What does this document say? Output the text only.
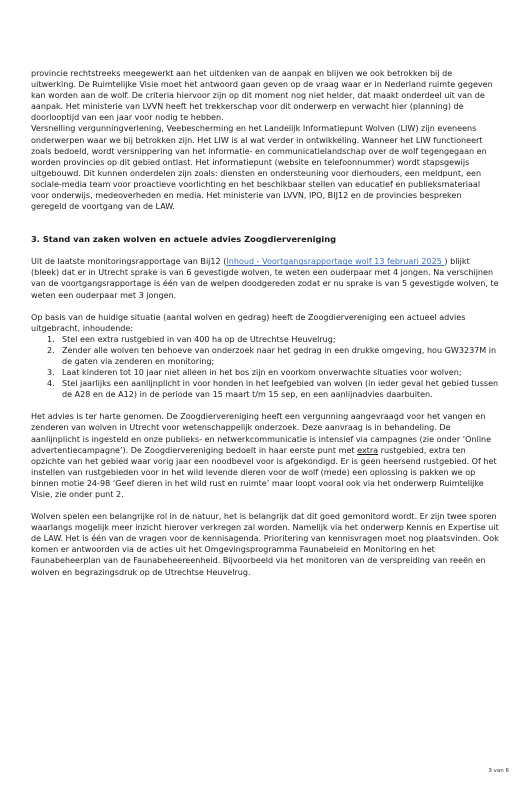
provincie rechtstreeks meegewerkt aan het uitdenken van de aanpak en blijven we ook betrokken bij de uitwerking. De Ruimtelijke Visie moet het antwoord gaan geven op de vraag waar er in Nederland ruimte gegeven kan worden aan de wolf. De criteria hiervoor zijn op dit moment nog niet helder, dat maakt onderdeel uit van de aanpak. Het ministerie van LVVN heeft het trekkerschap voor dit onderwerp en verwacht hier (planning) de doorlooptijd van een jaar voor nodig te hebben.

Versnelling vergunningverlening, Veebescherming en het Landelijk Informatiepunt Wolven (LIW) zijn eveneens onderwerpen waar we bij betrokken zijn. Het LIW is al wat verder in ontwikkeling. Wanneer het LIW functioneert zoals bedoeld, wordt versnippering van het informatie- en communicatielandschap over de wolf tegengegaan en worden provincies op dit gebied ontlast. Het informatiepunt (website en telefoonnummer) wordt stapsgewijs uitgebouwd. Dit kunnen onderdelen zijn zoals: diensten en ondersteuning voor dierhouders, een meldpunt, een sociale-media team voor proactieve voorlichting en het beschikbaar stellen van educatief en publieksmateriaal voor onderwijs, medeoverheden en media. Het ministerie van LVVN, IPO, BIJ12 en de provincies bespreken geregeld de voortgang van de LAW.

3. Stand van zaken wolven en actuele advies Zoogdiervereniging

Uit de laatste monitoringsrapportage van Bij12 (Inhoud - Voortgangsrapportage wolf 13 februari 2025 ) blijkt (bleek) dat er in Utrecht sprake is van 6 gevestigde wolven, te weten een ouderpaar met 4 jongen. Na verschijnen van de voortgangsrapportage is één van de welpen doodgereden zodat er nu sprake is van 5 gevestigde wolven, te weten een ouderpaar met 3 jongen.

Op basis van de huidige situatie (aantal wolven en gedrag) heeft de Zoogdiervereniging een actueel advies uitgebracht, inhoudende:

1. Stel een extra rustgebied in van 400 ha op de Utrechtse Heuvelrug;
2. Zender alle wolven ten behoeve van onderzoek naar het gedrag in een drukke omgeving, hou GW3237M in de gaten via zenderen en monitoring;
3. Laat kinderen tot 10 jaar niet alleen in het bos zijn en voorkom onverwachte situaties voor wolven;
4. Stel jaarlijks een aanlijnplicht in voor honden in het leefgebied van wolven (in ieder geval het gebied tussen de A28 en de A12) in de periode van 15 maart t/m 15 sep, en een aanlijnadvies daarbuiten.

Het advies is ter harte genomen. De Zoogdiervereniging heeft een vergunning aangevraagd voor het vangen en zenderen van wolven in Utrecht voor wetenschappelijk onderzoek. Deze aanvraag is in behandeling. De aanlijnplicht is ingesteld en onze publieks- en netwerkcommunicatie is intensief via campagnes (zie onder ‘Online advertentiecampagne’). De Zoogdiervereniging bedoelt in haar eerste punt met extra rustgebied, extra ten opzichte van het gebied waar vorig jaar een noodbevel voor is afgekondigd. Er is geen heersend rustgebied. Of het instellen van rustgebieden voor in het wild levende dieren voor de wolf (mede) een oplossing is pakken we op binnen motie 24-98 ‘Geef dieren in het wild rust en ruimte’ maar loopt vooral ook via het onderwerp Ruimtelijke Visie, zie onder punt 2.

Wolven spelen een belangrijke rol in de natuur, het is belangrijk dat dit goed gemonitord wordt. Er zijn twee sporen waarlangs mogelijk meer inzicht hierover verkregen zal worden. Namelijk via het onderwerp Kennis en Expertise uit de LAW. Het is één van de vragen voor de kennisagenda. Prioritering van kennisvragen moet nog plaatsvinden. Ook komen er antwoorden via de acties uit het Omgevingsprogramma Faunabeleid en Monitoring en het Faunabeheerplan van de Faunabeheereenheid. Bijvoorbeeld via het monitoren van de verspreiding van reeën en wolven en begrazingsdruk op de Utrechtse Heuvelrug.

3 van 6
